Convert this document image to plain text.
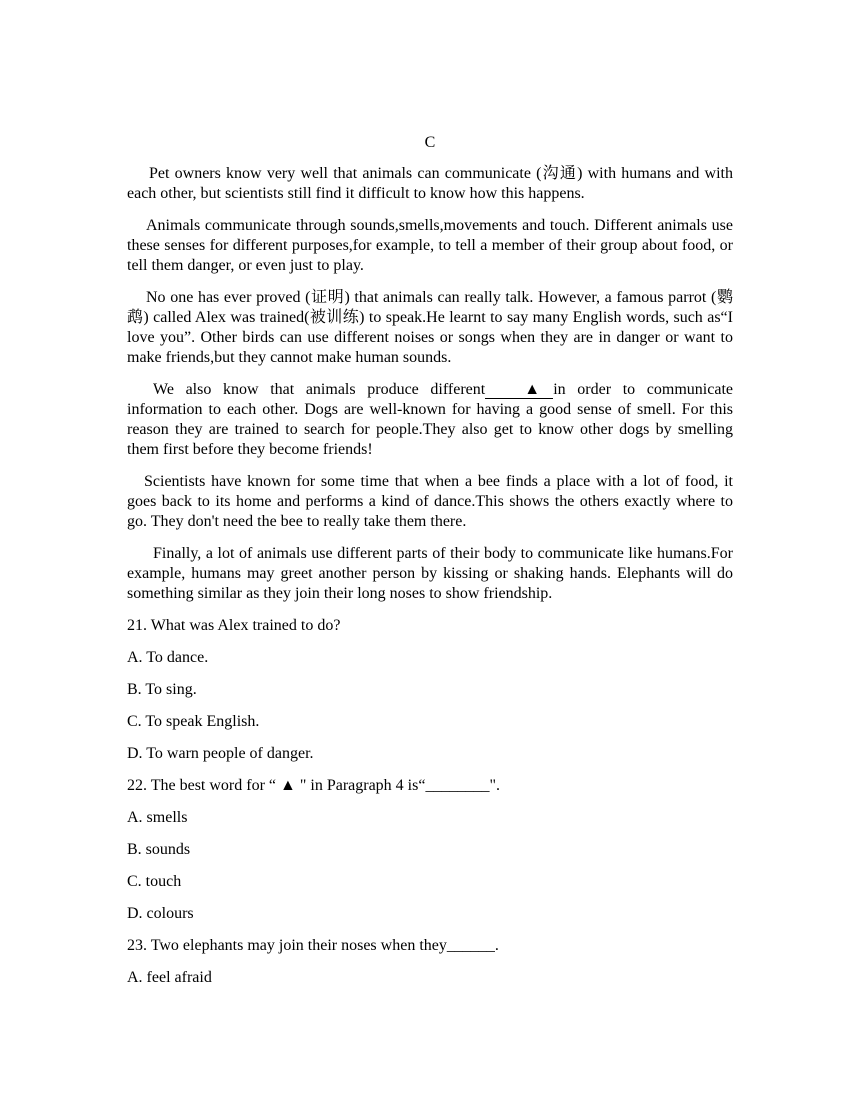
C
Pet owners know very well that animals can communicate (沟通) with humans and with each other, but scientists still find it difficult to know how this happens.
Animals communicate through sounds,smells,movements and touch. Different animals use these senses for different purposes,for example, to tell a member of their group about food, or tell them danger, or even just to play.
No one has ever proved (证明) that animals can really talk. However, a famous parrot (鹦鹉) called Alex was trained(被训练) to speak.He learnt to say many English words, such as“I love you”. Other birds can use different noises or songs when they are in danger or want to make friends,but they cannot make human sounds.
We also know that animals produce different ▲ in order to communicate information to each other. Dogs are well-known for having a good sense of smell. For this reason they are trained to search for people.They also get to know other dogs by smelling them first before they become friends!
Scientists have known for some time that when a bee finds a place with a lot of food, it goes back to its home and performs a kind of dance.This shows the others exactly where to go. They don't need the bee to really take them there.
Finally, a lot of animals use different parts of their body to communicate like humans.For example, humans may greet another person by kissing or shaking hands. Elephants will do something similar as they join their long noses to show friendship.
21. What was Alex trained to do?
A. To dance.
B. To sing.
C. To speak English.
D. To warn people of danger.
22. The best word for “ ▲ " in Paragraph 4 is“________".
A. smells
B. sounds
C. touch
D. colours
23. Two elephants may join their noses when they______.
A. feel afraid
